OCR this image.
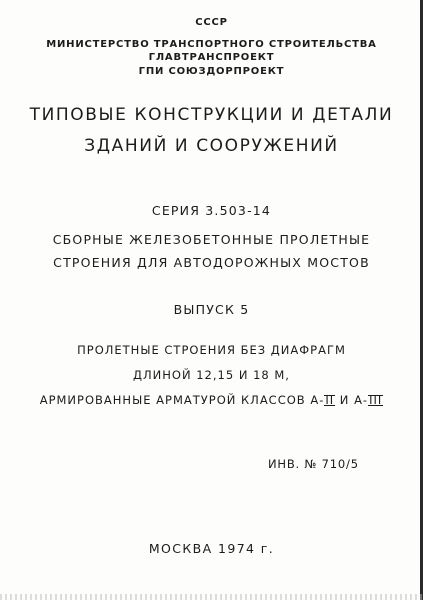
СССР
МИНИСТЕРСТВО ТРАНСПОРТНОГО СТРОИТЕЛЬСТВА
ГЛАВТРАНСПРОЕКТ
ГПИ СОЮЗДОРПРОЕКТ
ТИПОВЫЕ КОНСТРУКЦИИ И ДЕТАЛИ
ЗДАНИЙ И СООРУЖЕНИЙ
СЕРИЯ 3.503-14
СБОРНЫЕ ЖЕЛЕЗОБЕТОННЫЕ ПРОЛЕТНЫЕ
СТРОЕНИЯ ДЛЯ АВТОДОРОЖНЫХ МОСТОВ
ВЫПУСК 5
ПРОЛЕТНЫЕ СТРОЕНИЯ БЕЗ ДИАФРАГМ
ДЛИНОЙ 12,15 И 18 М,
АРМИРОВАННЫЕ АРМАТУРОЙ КЛАССОВ А-II И А-III
ИНВ. № 710/5
МОСКВА 1974 г.
